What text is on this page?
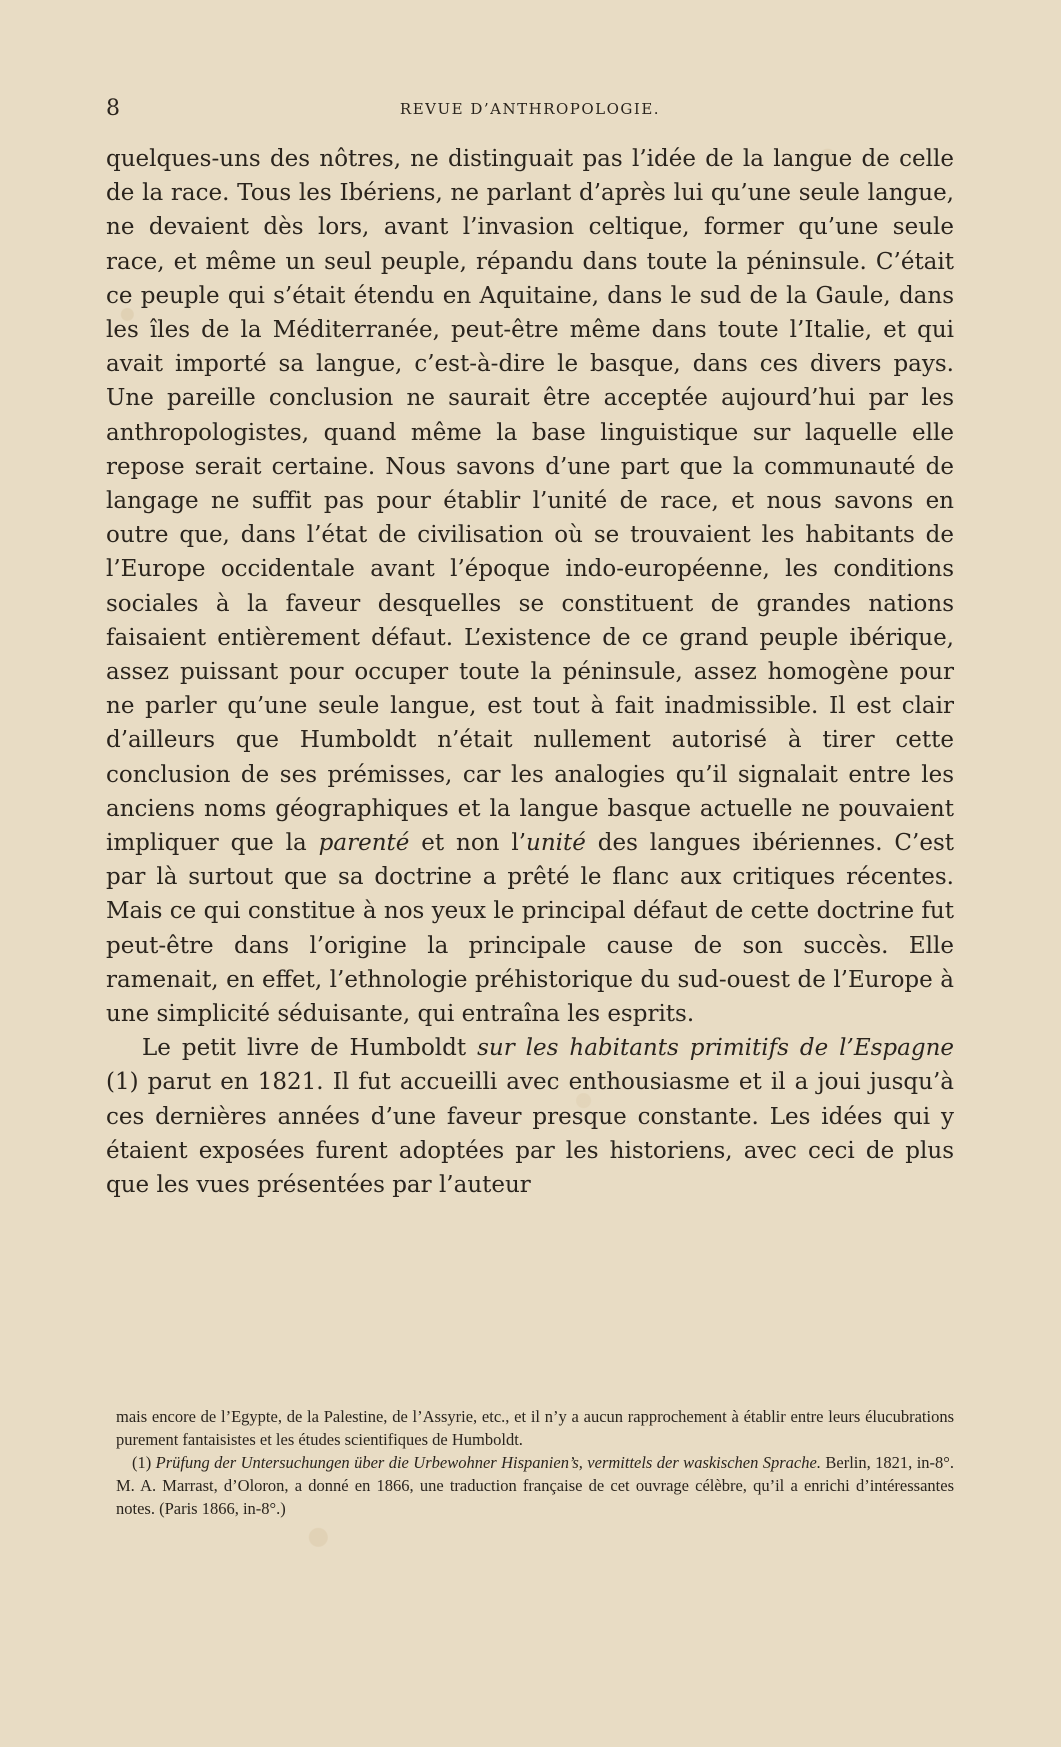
8	REVUE D’ANTHROPOLOGIE.

quelques-uns des nôtres, ne distinguait pas l’idée de la langue de celle de la race. Tous les Ibériens, ne parlant d’après lui qu’une seule langue, ne devaient dès lors, avant l’invasion celtique, former qu’une seule race, et même un seul peuple, répandu dans toute la péninsule. C’était ce peuple qui s’était étendu en Aquitaine, dans le sud de la Gaule, dans les îles de la Méditerranée, peut-être même dans toute l’Italie, et qui avait importé sa langue, c’est-à-dire le basque, dans ces divers pays. Une pareille conclusion ne saurait être acceptée aujourd’hui par les anthropologistes, quand même la base linguistique sur laquelle elle repose serait certaine. Nous savons d’une part que la communauté de langage ne suffit pas pour établir l’unité de race, et nous savons en outre que, dans l’état de civilisation où se trouvaient les habitants de l’Europe occidentale avant l’époque indo-européenne, les conditions sociales à la faveur desquelles se constituent de grandes nations faisaient entièrement défaut. L’existence de ce grand peuple ibérique, assez puissant pour occuper toute la péninsule, assez homogène pour ne parler qu’une seule langue, est tout à fait inadmissible. Il est clair d’ailleurs que Humboldt n’était nullement autorisé à tirer cette conclusion de ses prémisses, car les analogies qu’il signalait entre les anciens noms géographiques et la langue basque actuelle ne pouvaient impliquer que la parenté et non l’unité des langues ibériennes. C’est par là surtout que sa doctrine a prêté le flanc aux critiques récentes. Mais ce qui constitue à nos yeux le principal défaut de cette doctrine fut peut-être dans l’origine la principale cause de son succès. Elle ramenait, en effet, l’ethnologie préhistorique du sud-ouest de l’Europe à une simplicité séduisante, qui entraîna les esprits.

Le petit livre de Humboldt sur les habitants primitifs de l’Espagne (1) parut en 1821. Il fut accueilli avec enthousiasme et il a joui jusqu’à ces dernières années d’une faveur presque constante. Les idées qui y étaient exposées furent adoptées par les historiens, avec ceci de plus que les vues présentées par l’auteur

mais encore de l’Egypte, de la Palestine, de l’Assyrie, etc., et il n’y a aucun rapprochement à établir entre leurs élucubrations purement fantaisistes et les études scientifiques de Humboldt.

(1) Prüfung der Untersuchungen über die Urbewohner Hispanien’s, vermittels der waskischen Sprache. Berlin, 1821, in-8°. M. A. Marrast, d’Oloron, a donné en 1866, une traduction française de cet ouvrage célèbre, qu’il a enrichi d’intéressantes notes. (Paris 1866, in-8°.)
